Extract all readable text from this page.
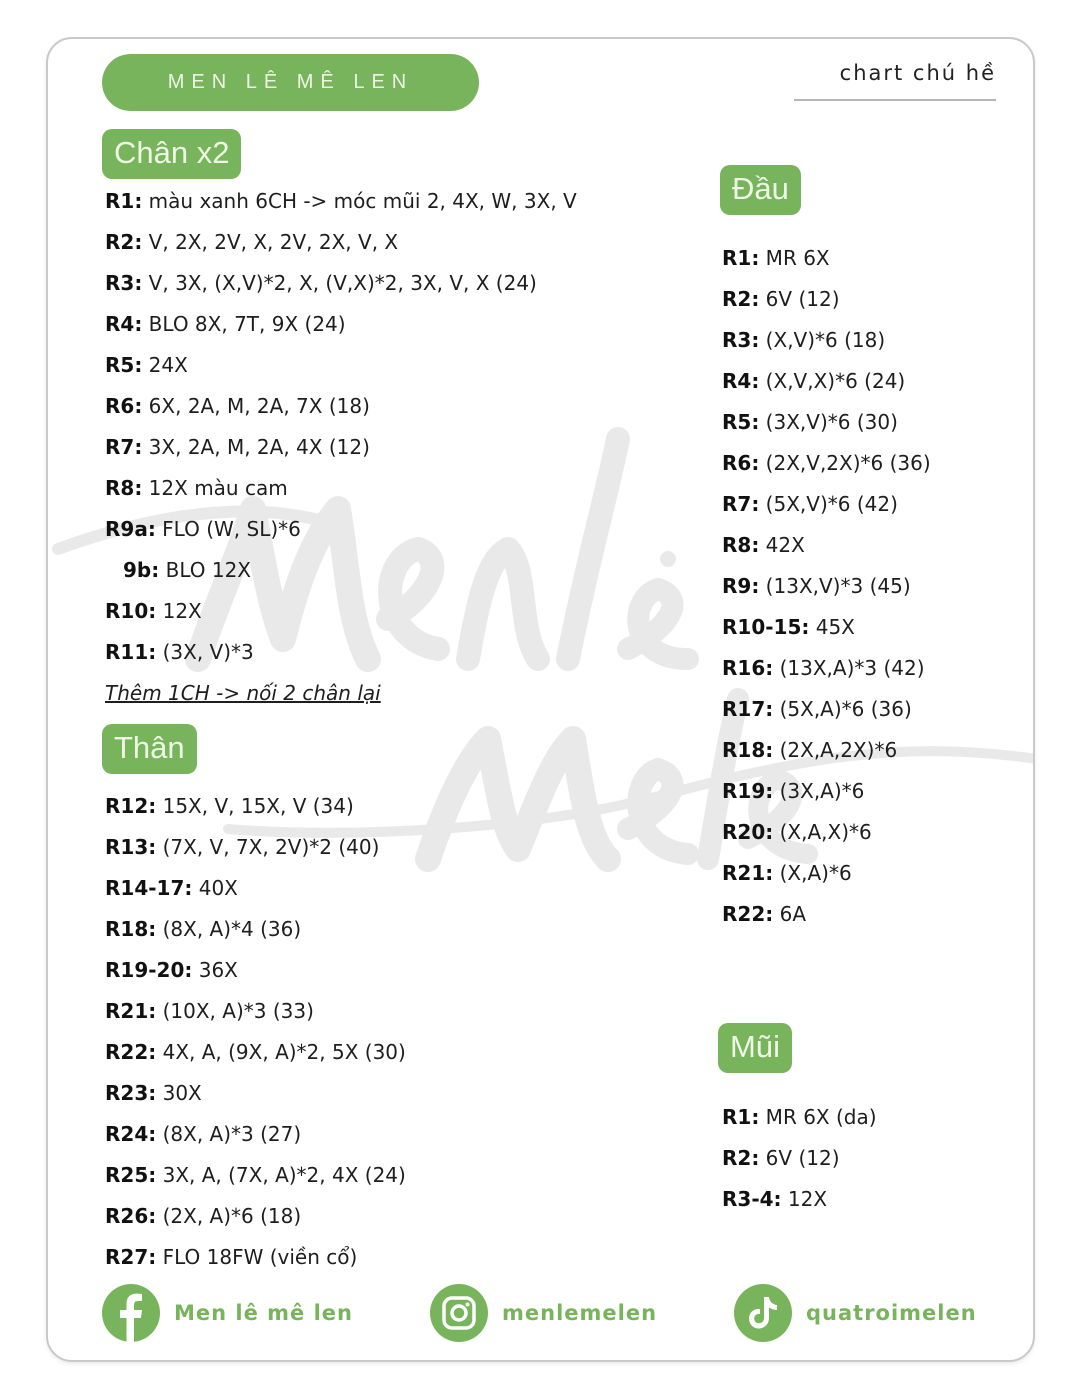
MEN LÊ MÊ LEN	chart chú hề
Chân x2
R1: màu xanh 6CH -> móc mũi 2, 4X, W, 3X, V
R2: V, 2X, 2V, X, 2V, 2X, V, X
R3: V, 3X, (X,V)*2, X, (V,X)*2, 3X, V, X (24)
R4: BLO 8X, 7T, 9X (24)
R5: 24X
R6: 6X, 2A, M, 2A, 7X (18)
R7: 3X, 2A, M, 2A, 4X (12)
R8: 12X màu cam
R9a: FLO (W, SL)*6
9b: BLO 12X
R10: 12X
R11: (3X, V)*3
Thêm 1CH -> nối 2 chân lại
Thân
R12: 15X, V, 15X, V (34)
R13: (7X, V, 7X, 2V)*2 (40)
R14-17: 40X
R18: (8X, A)*4 (36)
R19-20: 36X
R21: (10X, A)*3 (33)
R22: 4X, A, (9X, A)*2, 5X (30)
R23: 30X
R24: (8X, A)*3 (27)
R25: 3X, A, (7X, A)*2, 4X (24)
R26: (2X, A)*6 (18)
R27: FLO 18FW (viền cổ)
Đầu
R1: MR 6X
R2: 6V (12)
R3: (X,V)*6 (18)
R4: (X,V,X)*6 (24)
R5: (3X,V)*6 (30)
R6: (2X,V,2X)*6 (36)
R7: (5X,V)*6 (42)
R8: 42X
R9: (13X,V)*3 (45)
R10-15: 45X
R16: (13X,A)*3 (42)
R17: (5X,A)*6 (36)
R18: (2X,A,2X)*6
R19: (3X,A)*6
R20: (X,A,X)*6
R21: (X,A)*6
R22: 6A
Mũi
R1: MR 6X (da)
R2: 6V (12)
R3-4: 12X
Men lê mê len	menlemelen	quatroimelen
